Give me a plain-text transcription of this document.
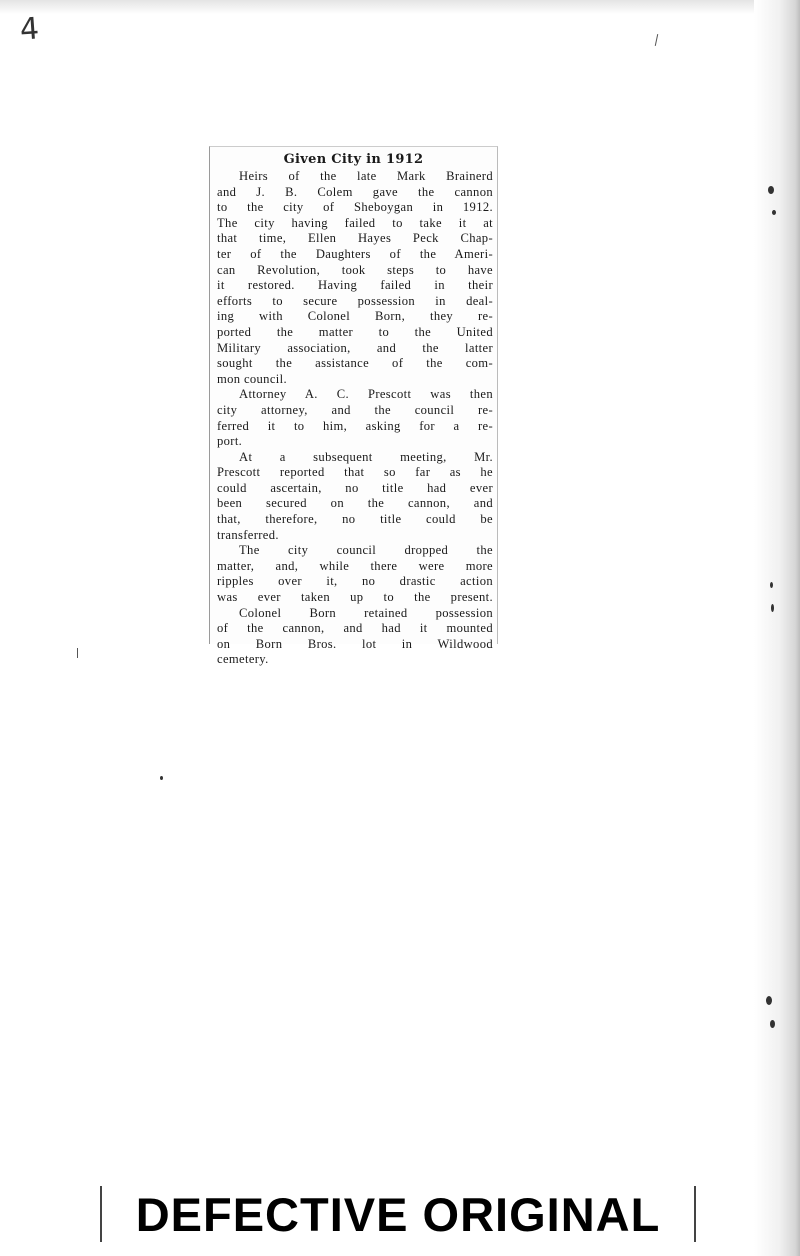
4
Given City in 1912
Heirs of the late Mark Brainerd
and J. B. Colem gave the cannon
to the city of Sheboygan in 1912.
The city having failed to take it at
that time, Ellen Hayes Peck Chap-
ter of the Daughters of the Ameri-
can Revolution, took steps to have
it restored. Having failed in their
efforts to secure possession in deal-
ing with Colonel Born, they re-
ported the matter to the United
Military association, and the latter
sought the assistance of the com-
mon council.
Attorney A. C. Prescott was then
city attorney, and the council re-
ferred it to him, asking for a re-
port.
At a subsequent meeting, Mr.
Prescott reported that so far as he
could ascertain, no title had ever
been secured on the cannon, and
that, therefore, no title could be
transferred.
The city council dropped the
matter, and, while there were more
ripples over it, no drastic action
was ever taken up to the present.
Colonel Born retained possession
of the cannon, and had it mounted
on Born Bros. lot in Wildwood
cemetery.
DEFECTIVE ORIGINAL
